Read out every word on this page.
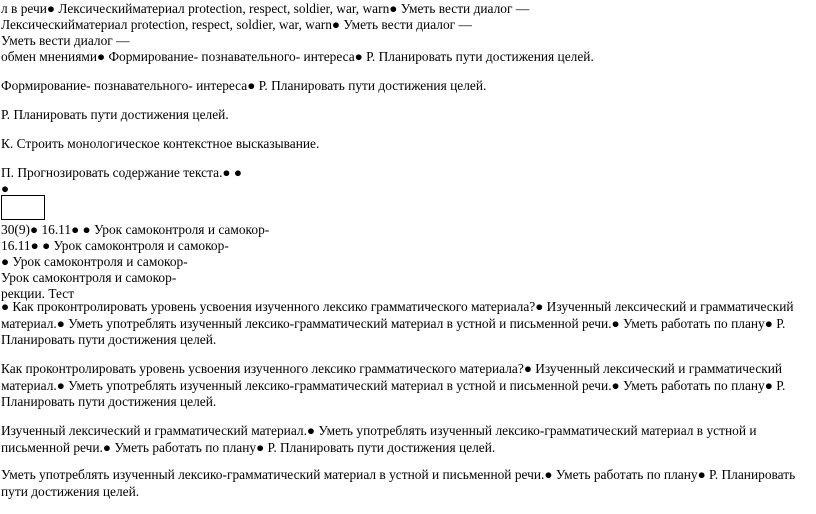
л в речи● Лексическийматериал protection, respect, soldier, war, warn● Уметь вести диалог —
Лексическийматериал protection, respect, soldier, war, warn● Уметь вести диалог —
Уметь вести диалог —
обмен мнениями● Формирование- познавательного- интереса● Р. Планировать пути достижения целей.
Формирование- познавательного- интереса● Р. Планировать пути достижения целей.
Р. Планировать пути достижения целей.
К. Строить монологическое контекстное высказывание.
П. Прогнозировать содержание текста.● ●
●
30(9)● 16.11● ● Урок самоконтроля и самокор-
16.11● ● Урок самоконтроля и самокор-
● Урок самоконтроля и самокор-
Урок самоконтроля и самокор-
рекции. Тест
● Как проконтролировать уровень усвоения изученного лексико грамматического материала?● Изученный лексический и грамматический материал.● Уметь употреблять изученный лексико-грамматический материал в устной и письменной речи.● Уметь работать по плану● Р. Планировать пути достижения целей.
Как проконтролировать уровень усвоения изученного лексико грамматического материала?● Изученный лексический и грамматический материал.● Уметь употреблять изученный лексико-грамматический материал в устной и письменной речи.● Уметь работать по плану● Р. Планировать пути достижения целей.
Изученный лексический и грамматический материал.● Уметь употреблять изученный лексико-грамматический материал в устной и письменной речи.● Уметь работать по плану● Р. Планировать пути достижения целей.
Уметь употреблять изученный лексико-грамматический материал в устной и письменной речи.● Уметь работать по плану● Р. Планировать пути достижения целей.
